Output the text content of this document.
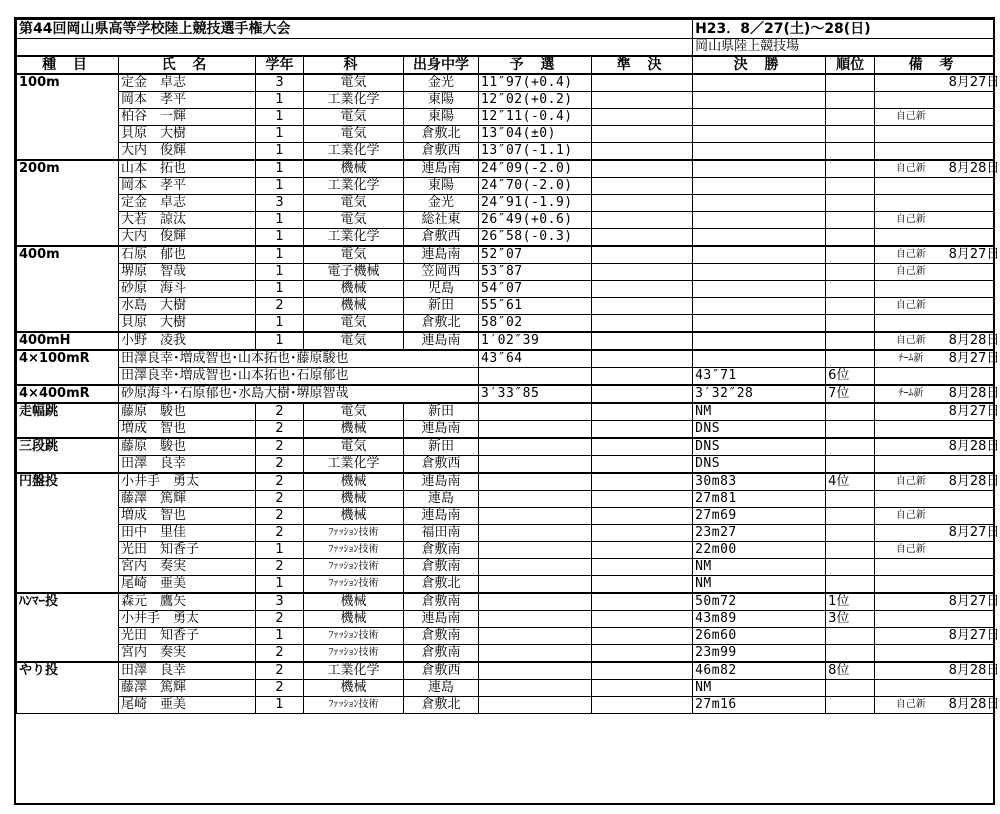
第44回岡山県高等学校陸上競技選手権大会							H23．8／27(土)～28(日)			
							岡山県陸上競技場			
種 目	氏 名	学年	科	出身中学	予 選	準 決	決 勝	順位	備 考	
100m	定金　卓志	3	電気	金光	11″97(+0.4)					8月27日
	岡本　孝平	1	工業化学	東陽	12″02(+0.2)					
	柏谷　一輝	1	電気	東陽	12″11(-0.4)				自己新	
	貝原　大樹	1	電気	倉敷北	13″04(±0)					
	大内　俊輝	1	工業化学	倉敷西	13″07(-1.1)					
200m	山本　拓也	1	機械	連島南	24″09(-2.0)				自己新	8月28日
	岡本　孝平	1	工業化学	東陽	24″70(-2.0)					
	定金　卓志	3	電気	金光	24″91(-1.9)					
	大若　諒汰	1	電気	総社東	26″49(+0.6)				自己新	
	大内　俊輝	1	工業化学	倉敷西	26″58(-0.3)					
400m	石原　郁也	1	電気	連島南	52″07				自己新	8月27日
	堺原　智哉	1	電子機械	笠岡西	53″87				自己新	
	砂原　海斗	1	機械	児島	54″07					
	水島　大樹	2	機械	新田	55″61				自己新	
	貝原　大樹	1	電気	倉敷北	58″02					
400mH	小野　凌我	1	電気	連島南	1′02″39				自己新	8月28日
4×100mR	田澤良幸･増成智也･山本拓也･藤原駿也				43″64				ﾁｰﾑ新	8月27日
	田澤良幸･増成智也･山本拓也･石原郁也						43″71	6位		
4×400mR	砂原海斗･石原郁也･水島大樹･堺原智哉				3′33″85		3′32″28	7位	ﾁｰﾑ新	8月28日
走幅跳	藤原　駿也	2	電気	新田			NM			8月27日
	増成　智也	2	機械	連島南			DNS			
三段跳	藤原　駿也	2	電気	新田			DNS			8月28日
	田澤　良幸	2	工業化学	倉敷西			DNS			
円盤投	小井手　勇太	2	機械	連島南			30m83	4位	自己新	8月28日
	藤澤　篤輝	2	機械	連島			27m81			
	増成　智也	2	機械	連島南			27m69		自己新	
	田中　里佳	2	ﾌｧｯｼｮﾝ技術	福田南			23m27			8月27日
	光田　知香子	1	ﾌｧｯｼｮﾝ技術	倉敷南			22m00		自己新	
	宮内　奏実	2	ﾌｧｯｼｮﾝ技術	倉敷南			NM			
	尾崎　亜美	1	ﾌｧｯｼｮﾝ技術	倉敷北			NM			
ﾊﾝﾏｰ投	森元　鷹矢	3	機械	倉敷南			50m72	1位		8月27日
	小井手　勇太	2	機械	連島南			43m89	3位		
	光田　知香子	1	ﾌｧｯｼｮﾝ技術	倉敷南			26m60			8月27日
	宮内　奏実	2	ﾌｧｯｼｮﾝ技術	倉敷南			23m99			
やり投	田澤　良幸	2	工業化学	倉敷西			46m82	8位		8月28日
	藤澤　篤輝	2	機械	連島			NM			
	尾崎　亜美	1	ﾌｧｯｼｮﾝ技術	倉敷北			27m16		自己新	8月28日
